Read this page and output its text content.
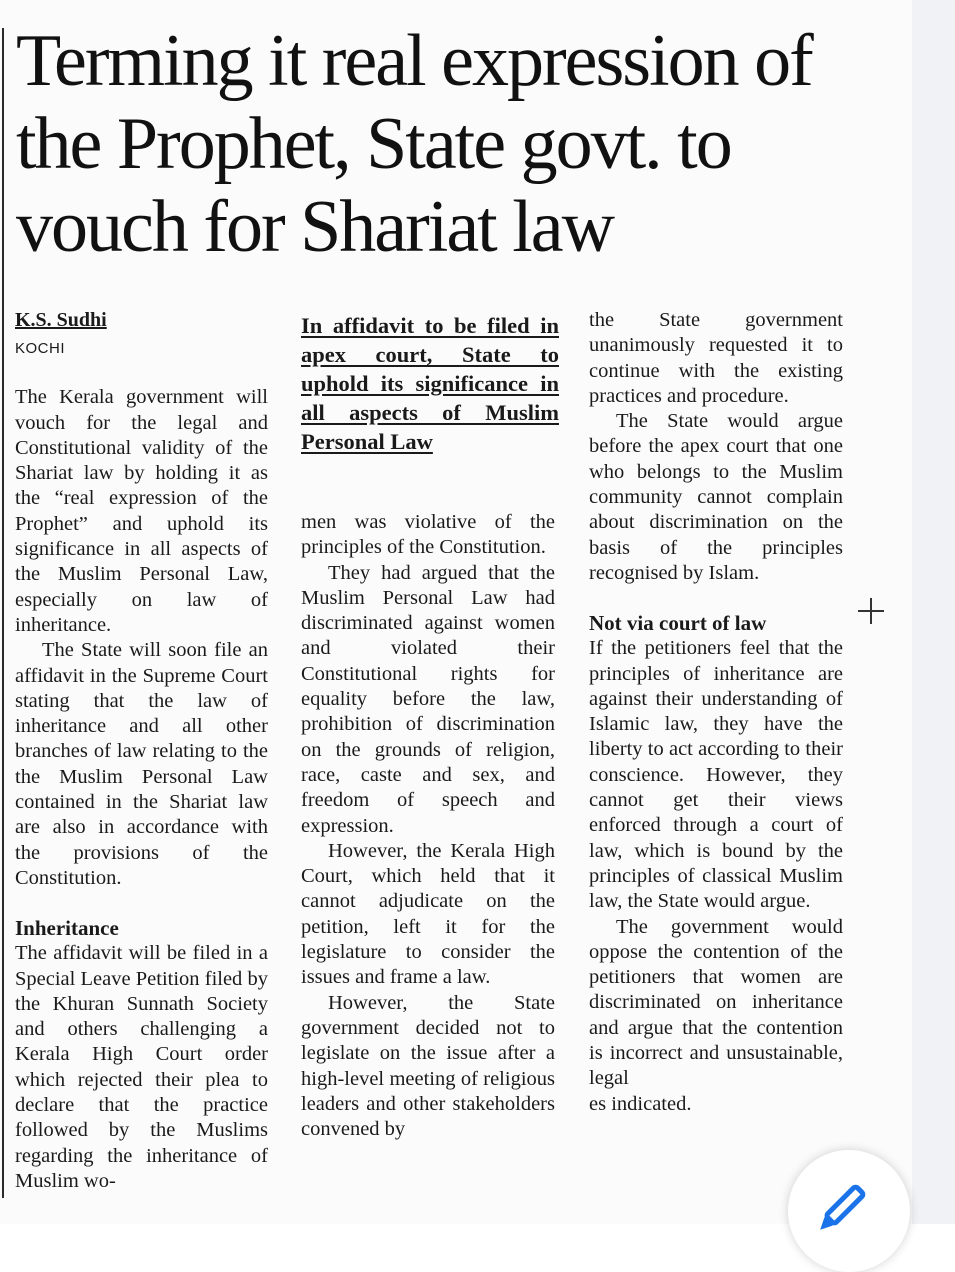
Terming it real expression of the Prophet, State govt. to vouch for Shariat law
K.S. Sudhi
KOCHI

The Kerala government will vouch for the legal and Constitutional validity of the Shariat law by holding it as the “real expression of the Prophet” and uphold its significance in all aspects of the Muslim Personal Law, especially on law of inheritance.

The State will soon file an affidavit in the Supreme Court stating that the law of inheritance and all other branches of law relating to the the Muslim Personal Law contained in the Shariat law are also in accordance with the provisions of the Constitution.

Inheritance

The affidavit will be filed in a Special Leave Petition filed by the Khuran Sunnath Society and others challenging a Kerala High Court order which rejected their plea to declare that the practice followed by the Muslims regarding the inheritance of Muslim wo-

In affidavit to be filed in apex court, State to uphold its significance in all aspects of Muslim Personal Law

men was violative of the principles of the Constitution.

They had argued that the Muslim Personal Law had discriminated against women and violated their Constitutional rights for equality before the law, prohibition of discrimination on the grounds of religion, race, caste and sex, and freedom of speech and expression.

However, the Kerala High Court, which held that it cannot adjudicate on the petition, left it for the legislature to consider the issues and frame a law.

However, the State government decided not to legislate on the issue after a high-level meeting of religious leaders and other stakeholders convened by

the State government unanimously requested it to continue with the existing practices and procedure.

The State would argue before the apex court that one who belongs to the Muslim community cannot complain about discrimination on the basis of the principles recognised by Islam.

Not via court of law

If the petitioners feel that the principles of inheritance are against their understanding of Islamic law, they have the liberty to act according to their conscience. However, they cannot get their views enforced through a court of law, which is bound by the principles of classical Muslim law, the State would argue.

The government would oppose the contention of the petitioners that women are discriminated on inheritance and argue that the contention is incorrect and unsustainable, legal

es indicated.
